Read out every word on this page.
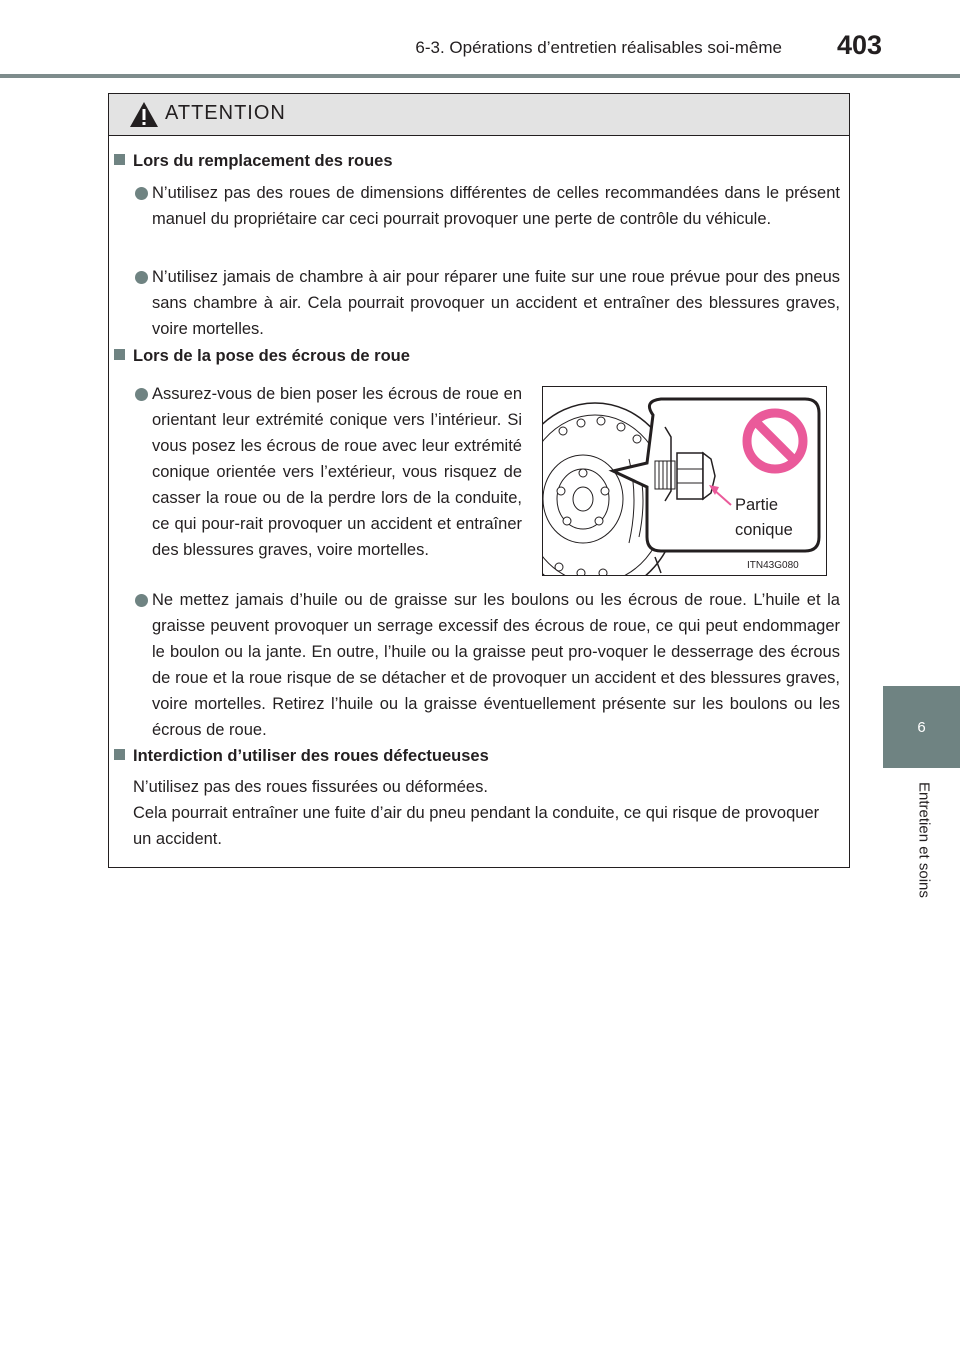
6-3. Opérations d’entretien réalisables soi-même 403
6
Entretien et soins
ATTENTION
Lors du remplacement des roues
N’utilisez pas des roues de dimensions différentes de celles recommandées dans le présent manuel du propriétaire car ceci pourrait provoquer une perte de contrôle du véhicule.
N’utilisez jamais de chambre à air pour réparer une fuite sur une roue prévue pour des pneus sans chambre à air. Cela pourrait provoquer un accident et entraîner des blessures graves, voire mortelles.
Lors de la pose des écrous de roue
Assurez-vous de bien poser les écrous de roue en orientant leur extrémité conique vers l’intérieur. Si vous posez les écrous de roue avec leur extrémité conique orientée vers l’extérieur, vous risquez de casser la roue ou de la perdre lors de la conduite, ce qui pour-rait provoquer un accident et entraîner des blessures graves, voire mortelles.
Partie
conique
ITN43G080
Ne mettez jamais d’huile ou de graisse sur les boulons ou les écrous de roue. L’huile et la graisse peuvent provoquer un serrage excessif des écrous de roue, ce qui peut endommager le boulon ou la jante. En outre, l’huile ou la graisse peut pro-voquer le desserrage des écrous de roue et la roue risque de se détacher et de provoquer un accident et des blessures graves, voire mortelles. Retirez l’huile ou la graisse éventuellement présente sur les boulons ou les écrous de roue.
Interdiction d’utiliser des roues défectueuses
N’utilisez pas des roues fissurées ou déformées.
Cela pourrait entraîner une fuite d’air du pneu pendant la conduite, ce qui risque de provoquer un accident.
